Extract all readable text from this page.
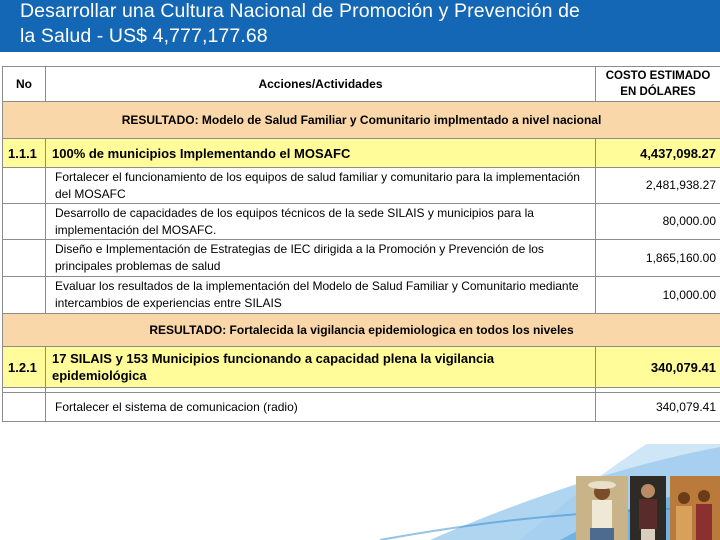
Desarrollar una Cultura Nacional de Promoción y Prevención de
la Salud - US$ 4,777,177.68
No	Acciones/Actividades	COSTO ESTIMADO
EN DÓLARES

RESULTADO: Modelo de Salud Familiar y Comunitario implmentado a nivel nacional		
1.1.1	100% de municipios Implementando el MOSAFC	4,437,098.27
	Fortalecer el funcionamiento de los equipos de salud familiar y comunitario para la implementación del MOSAFC	2,481,938.27
	Desarrollo de capacidades de los equipos técnicos de la sede SILAIS y municipios para la implementación del MOSAFC.	80,000.00
	Diseño e Implementación de Estrategias de IEC dirigida a la Promoción y Prevención de los principales problemas de salud	1,865,160.00
	Evaluar los resultados de la implementación del Modelo de Salud Familiar y Comunitario mediante intercambios de experiencias entre SILAIS	10,000.00
RESULTADO: Fortalecida la vigilancia epidemiologica en todos los niveles		
1.2.1	17 SILAIS y 153 Municipios funcionando a capacidad plena la vigilancia epidemiológica	340,079.41

	Fortalecer el sistema de comunicacion (radio)	340,079.41
